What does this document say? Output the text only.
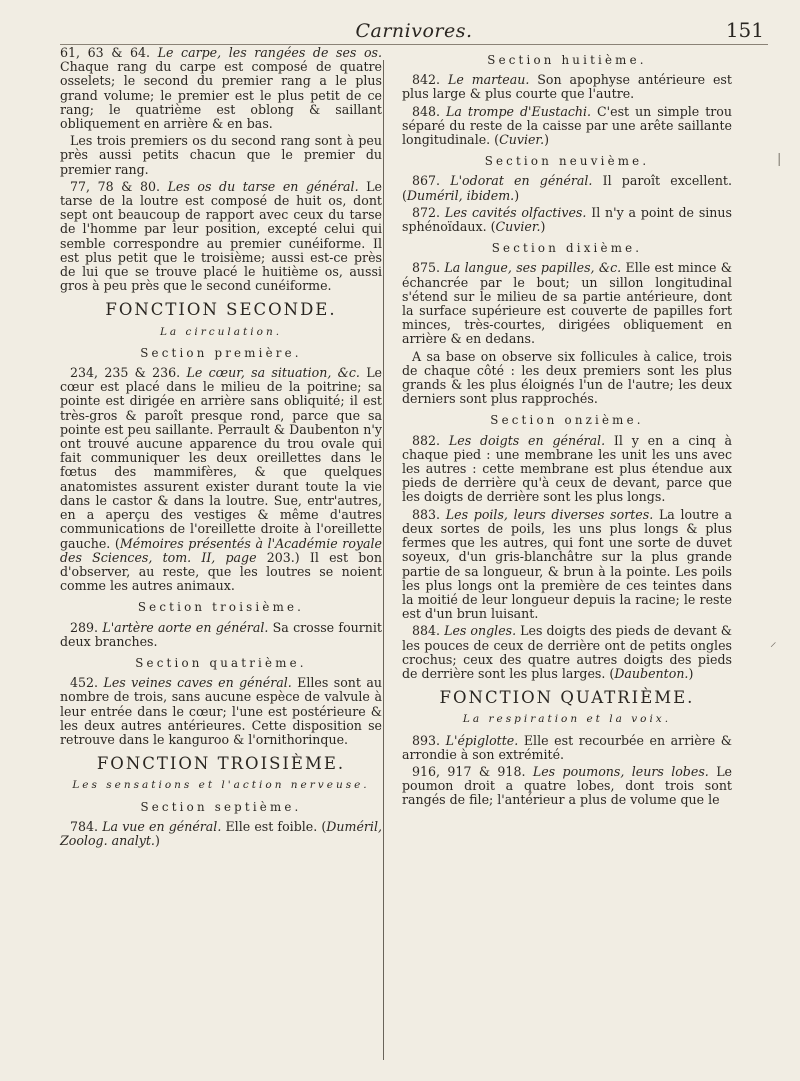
Carnivores.	151

61, 63 & 64. Le carpe, les rangées de ses os. Chaque rang du carpe est composé de quatre osselets; le second du premier rang a le plus grand volume; le premier est le plus petit de ce rang; le quatrième est oblong & saillant obliquement en arrière & en bas.

Les trois premiers os du second rang sont à peu près aussi petits chacun que le premier du premier rang.

77, 78 & 80. Les os du tarse en général. Le tarse de la loutre est composé de huit os, dont sept ont beaucoup de rapport avec ceux du tarse de l'homme par leur position, excepté celui qui semble correspondre au premier cunéiforme. Il est plus petit que le troisième; aussi est-ce près de lui que se trouve placé le huitième os, aussi gros à peu près que le second cunéiforme.

FONCTION SECONDE.
La circulation.
Section première.

234, 235 & 236. Le cœur, sa situation, &c. Le cœur est placé dans le milieu de la poitrine; sa pointe est dirigée en arrière sans obliquité; il est très-gros & paroît presque rond, parce que sa pointe est peu saillante. Perrault & Daubenton n'y ont trouvé aucune apparence du trou ovale qui fait communiquer les deux oreillettes dans le fœtus des mammifères, & que quelques anatomistes assurent exister durant toute la vie dans le castor & dans la loutre. Sue, entr'autres, en a aperçu des vestiges & même d'autres communications de l'oreillette droite à l'oreillette gauche. (Mémoires présentés à l'Académie royale des Sciences, tom. II, page 203.) Il est bon d'observer, au reste, que les loutres se noient comme les autres animaux.

Section troisième.

289. L'artère aorte en général. Sa crosse fournit deux branches.

Section quatrième.

452. Les veines caves en général. Elles sont au nombre de trois, sans aucune espèce de valvule à leur entrée dans le cœur; l'une est postérieure & les deux autres antérieures. Cette disposition se retrouve dans le kanguroo & l'ornithorinque.

FONCTION TROISIÈME.
Les sensations et l'action nerveuse.
Section septième.

784. La vue en général. Elle est foible. (Duméril, Zoolog. analyt.)

Section huitième.

842. Le marteau. Son apophyse antérieure est plus large & plus courte que l'autre.

848. La trompe d'Eustachi. C'est un simple trou séparé du reste de la caisse par une arête saillante longitudinale. (Cuvier.)

Section neuvième.

867. L'odorat en général. Il paroît excellent. (Duméril, ibidem.)

872. Les cavités olfactives. Il n'y a point de sinus sphénoïdaux. (Cuvier.)

Section dixième.

875. La langue, ses papilles, &c. Elle est mince & échancrée par le bout; un sillon longitudinal s'étend sur le milieu de sa partie antérieure, dont la surface supérieure est couverte de papilles fort minces, très-courtes, dirigées obliquement en arrière & en dedans.

A sa base on observe six follicules à calice, trois de chaque côté : les deux premiers sont les plus grands & les plus éloignés l'un de l'autre; les deux derniers sont plus rapprochés.

Section onzième.

882. Les doigts en général. Il y en a cinq à chaque pied : une membrane les unit les uns avec les autres : cette membrane est plus étendue aux pieds de derrière qu'à ceux de devant, parce que les doigts de derrière sont les plus longs.

883. Les poils, leurs diverses sortes. La loutre a deux sortes de poils, les uns plus longs & plus fermes que les autres, qui font une sorte de duvet soyeux, d'un gris-blanchâtre sur la plus grande partie de sa longueur, & brun à la pointe. Les poils les plus longs ont la première de ces teintes dans la moitié de leur longueur depuis la racine; le reste est d'un brun luisant.

884. Les ongles. Les doigts des pieds de devant & les pouces de ceux de derrière ont de petits ongles crochus; ceux des quatre autres doigts des pieds de derrière sont les plus larges. (Daubenton.)

FONCTION QUATRIÈME.
La respiration et la voix.

893. L'épiglotte. Elle est recourbée en arrière & arrondie à son extrémité.

916, 917 & 918. Les poumons, leurs lobes. Le poumon droit a quatre lobes, dont trois sont rangés de file; l'antérieur a plus de volume que le

|
⸝
